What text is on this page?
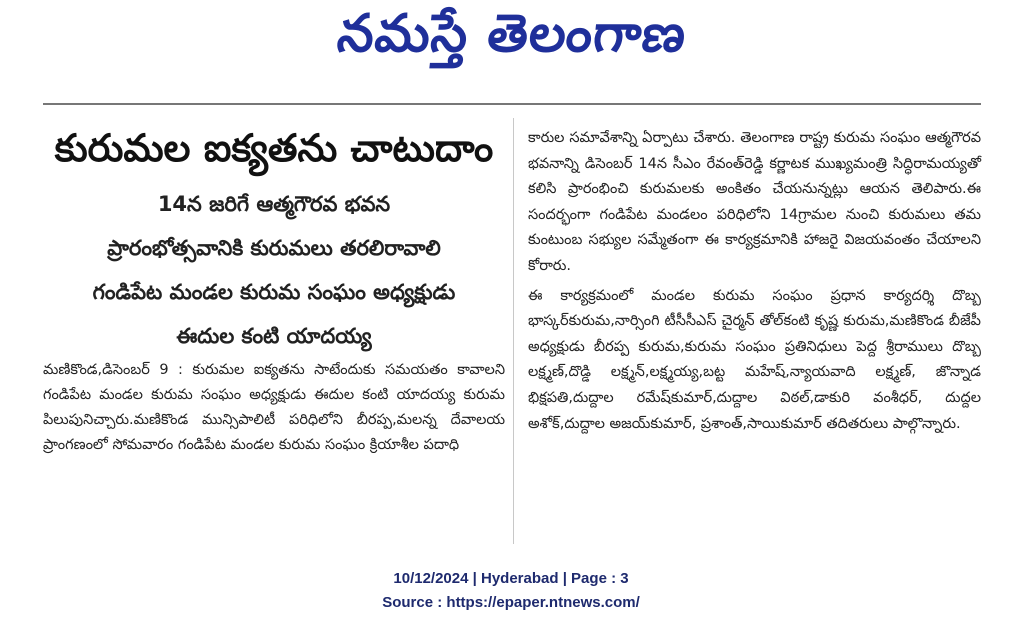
నమస్తే తెలంగాణ
కురుమల ఐక్యతను చాటుదాం
14న జరిగే ఆత్మగౌరవ భవన
ప్రారంభోత్సవానికి కురుమలు తరలిరావాలి
గండిపేట మండల కురుమ సంఘం అధ్యక్షుడు
ఈదుల కంటి యాదయ్య

మణికొండ,డిసెంబర్ 9 : కురుమల ఐక్యతను సాటేందుకు సమయతం కావాలని గండిపేట మండల కురుమ సంఘం అధ్యక్షుడు ఈదుల కంటి యాదయ్య కురుమ పిలుపునిచ్చారు.మణికొండ మున్సిపాలిటీ పరిధిలోని బీరప్ప,మలన్న దేవాలయ ప్రాంగణంలో సోమవారం గండిపేట మండల కురుమ సంఘం క్రియాశీల పదాధి

కారుల సమావేశాన్ని ఏర్పాటు చేశారు. తెలంగాణ రాష్ట్ర కురుమ సంఘం ఆత్మగౌరవ భవనాన్ని డిసెంబర్ 14న సీఎం రేవంత్‌రెడ్డి కర్ణాటక ముఖ్యమంత్రి సిద్ధిరామయ్యతో కలిసి ప్రారంభించి కురుమలకు అంకితం చేయనున్నట్లు ఆయన తెలిపారు.ఈ సందర్భంగా గండిపేట మండలం పరిధిలోని 14గ్రామల నుంచి కురుమలు తమ కుంటుంబ సభ్యుల సమ్మేతంగా ఈ కార్యక్రమానికి హాజరై విజయవంతం చేయాలని కోరారు.

ఈ కార్యక్రమంలో మండల కురుమ సంఘం ప్రధాన కార్యదర్శి దొబ్బ భాస్కర్‌కురుమ,నార్సింగి టీసీసీఎస్ చైర్మన్ తోల్‌కంటి కృష్ణ కురుమ,మణికొండ బీజేపీ అధ్యక్షుడు బీరప్ప కురుమ,కురుమ సంఘం ప్రతినిధులు పెద్ద శ్రీరాములు దొబ్బ లక్ష్మణ్,దొడ్డి లక్ష్మన్,లక్ష్మయ్య,బట్ట మహేష్,న్యాయవాది లక్ష్మణ్, జొన్నాడ భిక్షపతి,దుద్దాల రమేష్‌కుమార్,దుద్దాల విఠల్,డాకురి వంశీధర్, దుద్దల అశోక్,దుద్దాల అజయ్‌కుమార్, ప్రశాంత్,సాయికుమార్ తదితరులు పాల్గొన్నారు.

10/12/2024 | Hyderabad | Page : 3
Source : https://epaper.ntnews.com/
